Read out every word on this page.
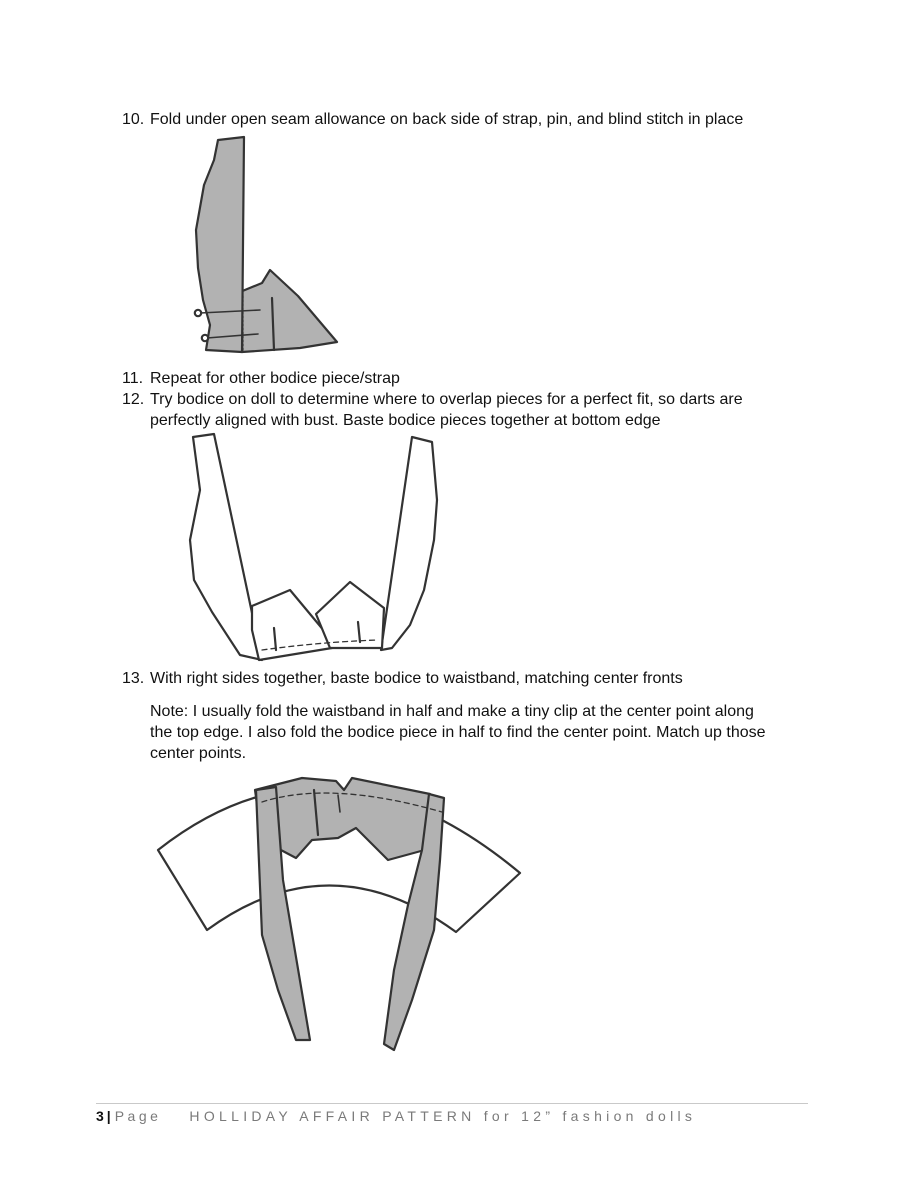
10. Fold under open seam allowance on back side of strap, pin, and blind stitch in place

11. Repeat for other bodice piece/strap

12. Try bodice on doll to determine where to overlap pieces for a perfect fit, so darts are

perfectly aligned with bust. Baste bodice pieces together at bottom edge

13. With right sides together, baste bodice to waistband, matching center fronts

Note: I usually fold the waistband in half and make a tiny clip at the center point along
the top edge. I also fold the bodice piece in half to find the center point. Match up those
center points.
3 | Page HOLLIDAY AFFAIR PATTERN for 12” fashion dolls
